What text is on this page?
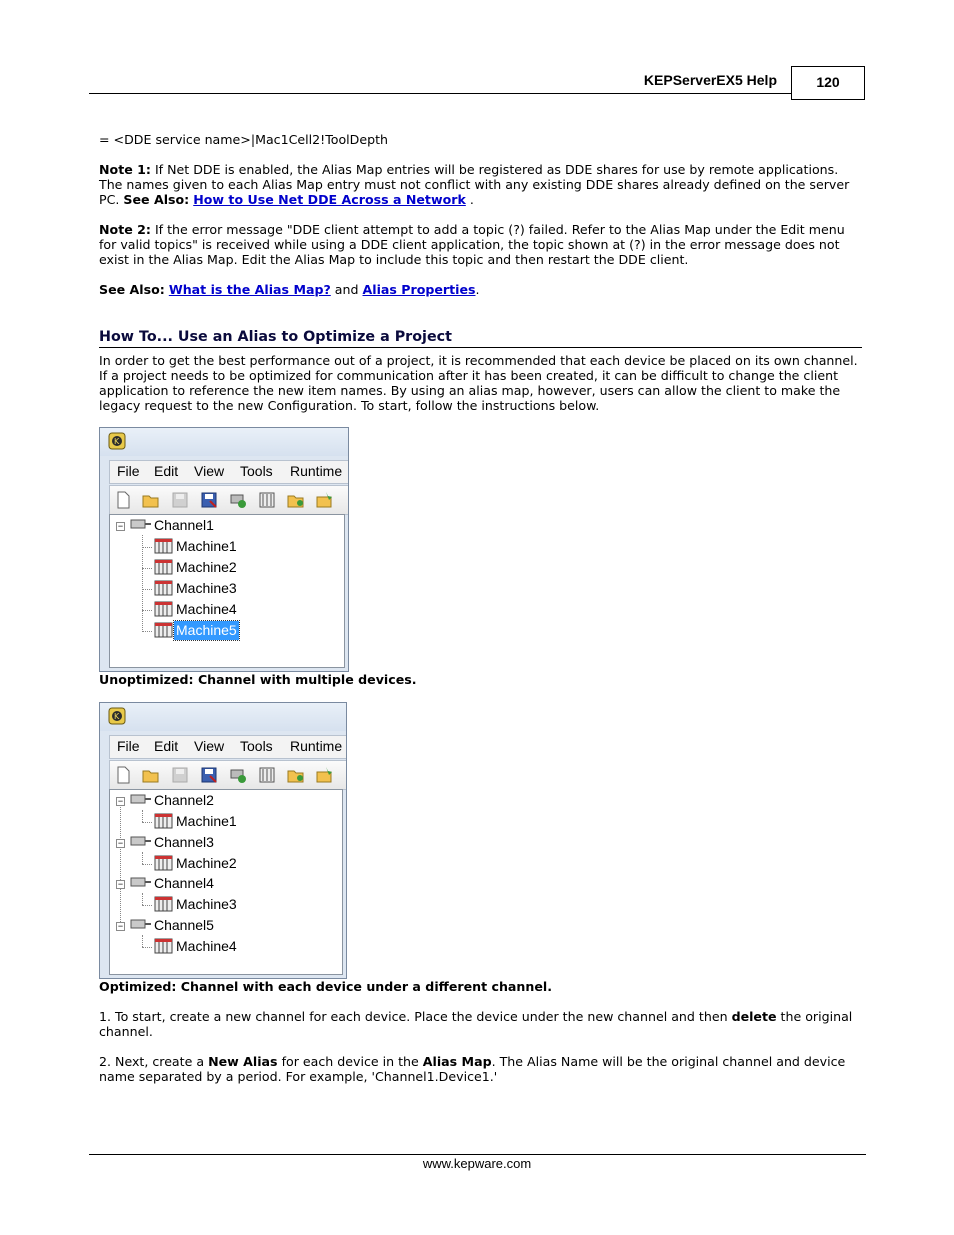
KEPServerEX5 Help	120
= <DDE service name>|Mac1Cell2!ToolDepth
Note 1: If Net DDE is enabled, the Alias Map entries will be registered as DDE shares for use by remote applications. The names given to each Alias Map entry must not conflict with any existing DDE shares already defined on the server PC. See Also: How to Use Net DDE Across a Network .
Note 2: If the error message "DDE client attempt to add a topic (?) failed. Refer to the Alias Map under the Edit menu for valid topics" is received while using a DDE client application, the topic shown at (?) in the error message does not exist in the Alias Map. Edit the Alias Map to include this topic and then restart the DDE client.
See Also: What is the Alias Map? and Alias Properties.
How To... Use an Alias to Optimize a Project
In order to get the best performance out of a project, it is recommended that each device be placed on its own channel. If a project needs to be optimized for communication after it has been created, it can be difficult to change the client application to reference the new item names. By using an alias map, however, users can allow the client to make the legacy request to the new Configuration. To start, follow the instructions below.
K
File Edit View Tools Runtime
−	Channel1
Machine1
Machine2
Machine3
Machine4
Machine5
Unoptimized: Channel with multiple devices.
K
File Edit View Tools Runtime
−	Channel2
Machine1
−	Channel3
Machine2
−	Channel4
Machine3
−	Channel5
Machine4
Optimized: Channel with each device under a different channel.
1. To start, create a new channel for each device. Place the device under the new channel and then delete the original channel.
2. Next, create a New Alias for each device in the Alias Map. The Alias Name will be the original channel and device name separated by a period. For example, 'Channel1.Device1.'
www.kepware.com
